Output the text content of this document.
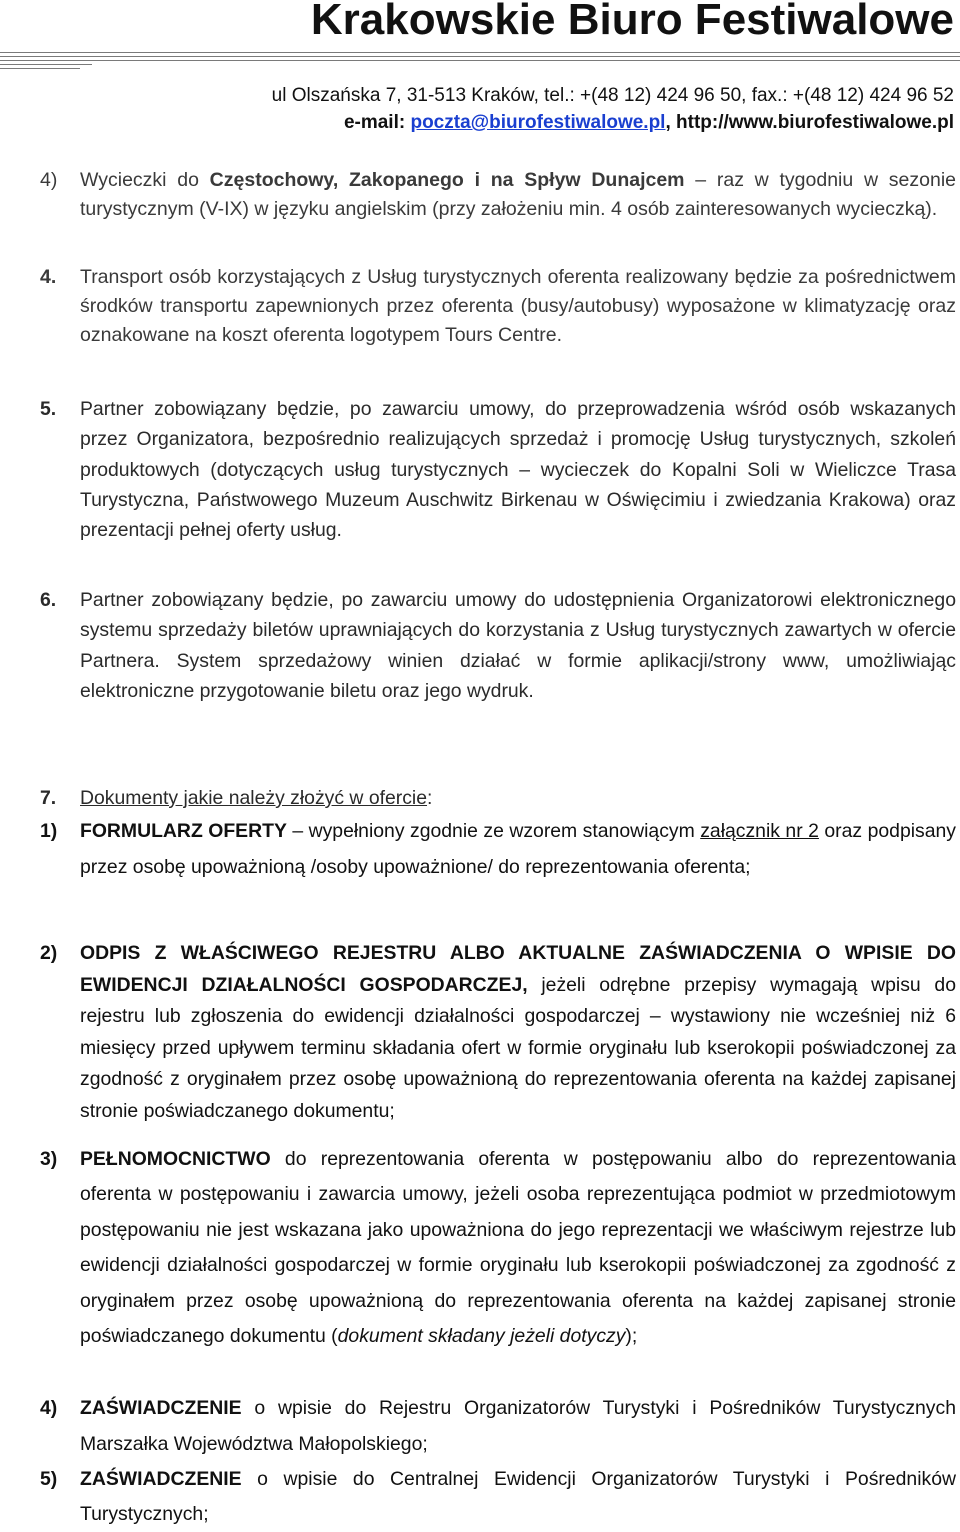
Krakowskie Biuro Festiwalowe
ul Olszańska 7, 31-513 Kraków, tel.: +(48 12) 424 96 50, fax.: +(48 12) 424 96 52
e-mail: poczta@biurofestiwalowe.pl, http://www.biurofestiwalowe.pl
4) Wycieczki do Częstochowy, Zakopanego i na Spływ Dunajcem – raz w tygodniu w sezonie turystycznym (V-IX) w języku angielskim (przy założeniu min. 4 osób zainteresowanych wycieczką).
4. Transport osób korzystających z Usług turystycznych oferenta realizowany będzie za pośrednictwem środków transportu zapewnionych przez oferenta (busy/autobusy) wyposażone w klimatyzację oraz oznakowane na koszt oferenta logotypem Tours Centre.
5. Partner zobowiązany będzie, po zawarciu umowy, do przeprowadzenia wśród osób wskazanych przez Organizatora, bezpośrednio realizujących sprzedaż i promocję Usług turystycznych, szkoleń produktowych (dotyczących usług turystycznych – wycieczek do Kopalni Soli w Wieliczce Trasa Turystyczna, Państwowego Muzeum Auschwitz Birkenau w Oświęcimiu i zwiedzania Krakowa) oraz prezentacji pełnej oferty usług.
6. Partner zobowiązany będzie, po zawarciu umowy do udostępnienia Organizatorowi elektronicznego systemu sprzedaży biletów uprawniających do korzystania z Usług turystycznych zawartych w ofercie Partnera. System sprzedażowy winien działać w formie aplikacji/strony www, umożliwiając elektroniczne przygotowanie biletu oraz jego wydruk.
7. Dokumenty jakie należy złożyć w ofercie:
1) FORMULARZ OFERTY – wypełniony zgodnie ze wzorem stanowiącym załącznik nr 2 oraz podpisany przez osobę upoważnioną /osoby upoważnione/ do reprezentowania oferenta;
2) ODPIS Z WŁAŚCIWEGO REJESTRU ALBO AKTUALNE ZAŚWIADCZENIA O WPISIE DO EWIDENCJI DZIAŁALNOŚCI GOSPODARCZEJ, jeżeli odrębne przepisy wymagają wpisu do rejestru lub zgłoszenia do ewidencji działalności gospodarczej – wystawiony nie wcześniej niż 6 miesięcy przed upływem terminu składania ofert w formie oryginału lub kserokopii poświadczonej za zgodność z oryginałem przez osobę upoważnioną do reprezentowania oferenta na każdej zapisanej stronie poświadczanego dokumentu;
3) PEŁNOMOCNICTWO do reprezentowania oferenta w postępowaniu albo do reprezentowania oferenta w postępowaniu i zawarcia umowy, jeżeli osoba reprezentująca podmiot w przedmiotowym postępowaniu nie jest wskazana jako upoważniona do jego reprezentacji we właściwym rejestrze lub ewidencji działalności gospodarczej w formie oryginału lub kserokopii poświadczonej za zgodność z oryginałem przez osobę upoważnioną do reprezentowania oferenta na każdej zapisanej stronie poświadczanego dokumentu (dokument składany jeżeli dotyczy);
4) ZAŚWIADCZENIE o wpisie do Rejestru Organizatorów Turystyki i Pośredników Turystycznych Marszałka Województwa Małopolskiego;
5) ZAŚWIADCZENIE o wpisie do Centralnej Ewidencji Organizatorów Turystyki i Pośredników Turystycznych;
